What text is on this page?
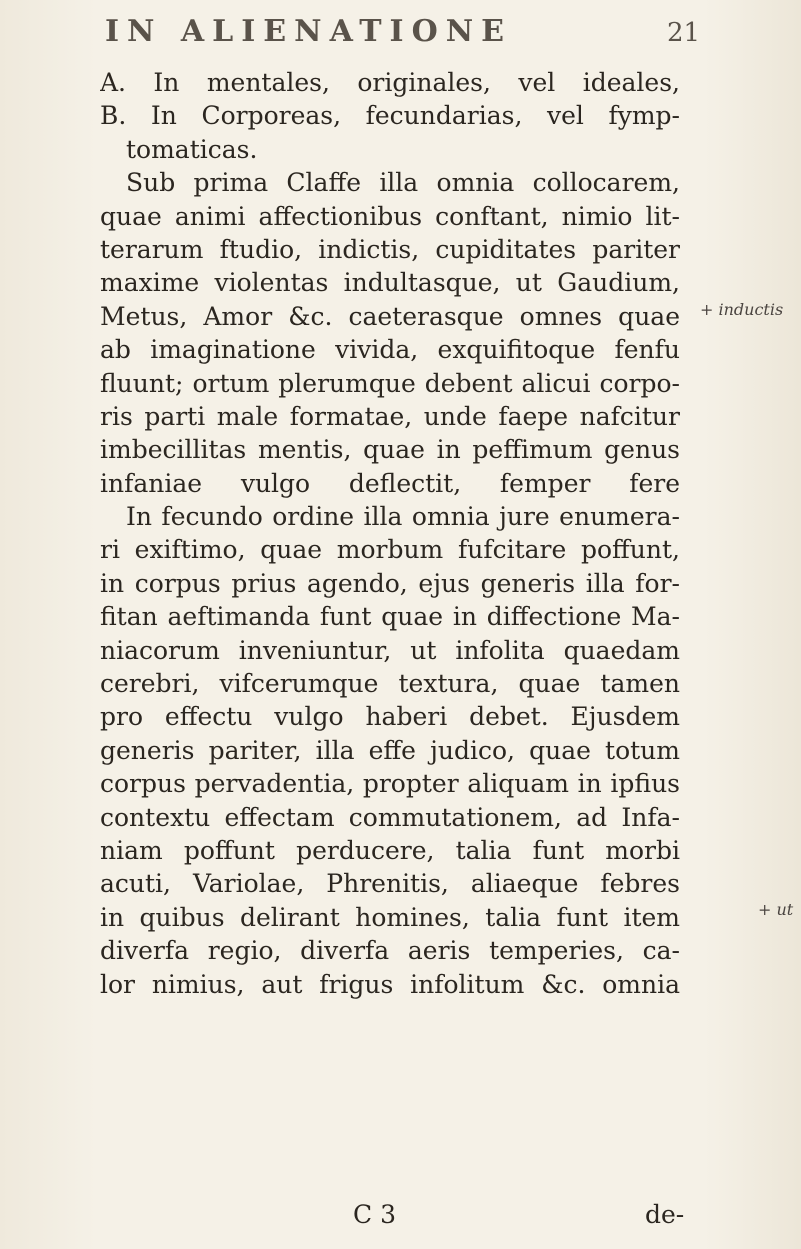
IN ALIENATIONE	21
A. In mentales, originales, vel ideales,
B. In Corporeas, fecundarias, vel fymp-
tomaticas.
Sub prima Claffe illa omnia collocarem,
quae animi affectionibus conftant, nimio lit-
terarum ftudio, indictis, cupiditates pariter
maxime violentas indultasque, ut Gaudium,
Metus, Amor &c. caeterasque omnes quae
ab imaginatione vivida, exquifitoque fenfu
fluunt; ortum plerumque debent alicui corpo-
ris parti male formatae, unde faepe nafcitur
imbecillitas mentis, quae in peffimum genus
infaniae vulgo deflectit, femper fere
In fecundo ordine illa omnia jure enumera-
ri exiftimo, quae morbum fufcitare poffunt,
in corpus prius agendo, ejus generis illa for-
fitan aeftimanda funt quae in diffectione Ma-
niacorum inveniuntur, ut infolita quaedam
cerebri, vifcerumque textura, quae tamen
pro effectu vulgo haberi debet. Ejusdem
generis pariter, illa effe judico, quae totum
corpus pervadentia, propter aliquam in ipfius
contextu effectam commutationem, ad Infa-
niam poffunt perducere, talia funt morbi
acuti, Variolae, Phrenitis, aliaeque febres
in quibus delirant homines, talia funt item
diverfa regio, diverfa aeris temperies, ca-
lor nimius, aut frigus infolitum &c. omnia
+ inductis
+ ut
C 3	de-
